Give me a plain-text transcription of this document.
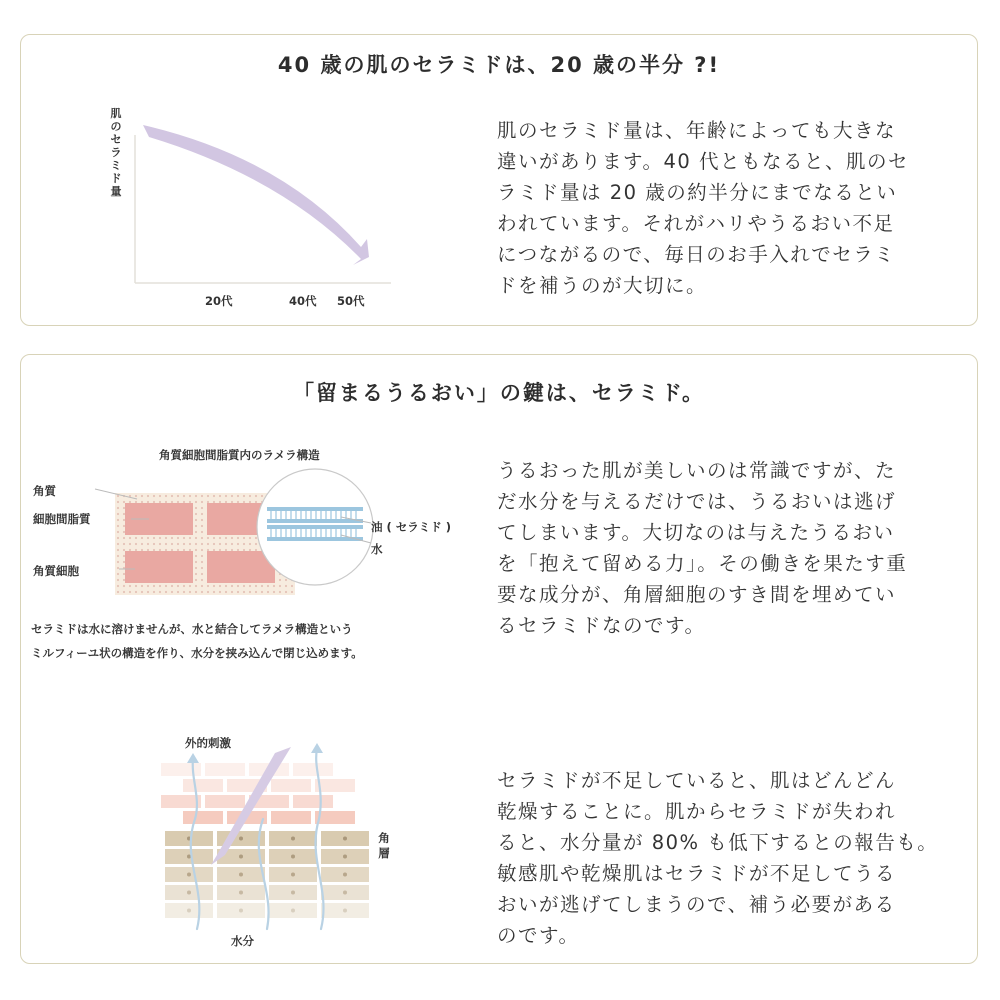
40 歳の肌のセラミドは、20 歳の半分 ?!
肌のセラミド量
20代	40代 50代
肌のセラミド量は、年齢によっても大きな
違いがあります。40 代ともなると、肌のセ
ラミド量は 20 歳の約半分にまでなるとい
われています。それがハリやうるおい不足
につながるので、毎日のお手入れでセラミ
ドを補うのが大切に。
「留まるうるおい」の鍵は、セラミド。
角質細胞間脂質内のラメラ構造
角質
細胞間脂質
角質細胞
油 ( セラミド )
水
セラミドは水に溶けませんが、水と結合してラメラ構造という
ミルフィーユ状の構造を作り、水分を挟み込んで閉じ込めます。
うるおった肌が美しいのは常識ですが、た
だ水分を与えるだけでは、うるおいは逃げ
てしまいます。大切なのは与えたうるおい
を「抱えて留める力」。その働きを果たす重
要な成分が、角層細胞のすき間を埋めてい
るセラミドなのです。
外的刺激
角層
水分
セラミドが不足していると、肌はどんどん
乾燥することに。肌からセラミドが失われ
ると、水分量が 80% も低下するとの報告も。
敏感肌や乾燥肌はセラミドが不足してうる
おいが逃げてしまうので、補う必要がある
のです。
